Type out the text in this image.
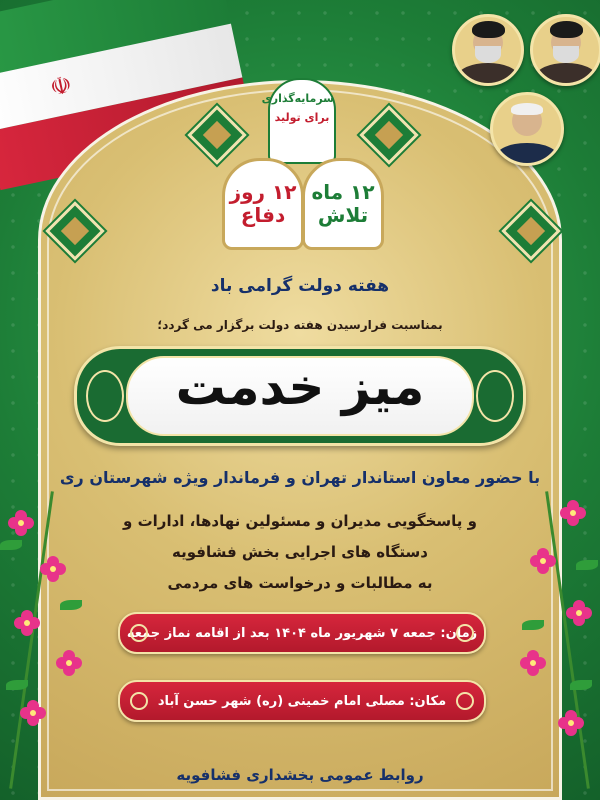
☫	سرمایه‌گذاری
برای تولید
۱۲ ماه
تلاش
۱۲ روز
دفاع
هفته دولت گرامی باد
بمناسبت فرارسیدن هفته دولت برگزار می گردد؛
میز خدمت
با حضور معاون استاندار تهران و فرماندار ویژه شهرستان ری
و پاسخگویی مدیران و مسئولین نهادها، ادارات و
دستگاه های اجرایی بخش فشافویه
به مطالبات و درخواست های مردمی
زمان: جمعه ۷ شهریور ماه ۱۴۰۴ بعد از اقامه نماز جمعه
مکان: مصلی امام خمینی (ره) شهر حسن آباد
روابط عمومی بخشداری فشافویه
